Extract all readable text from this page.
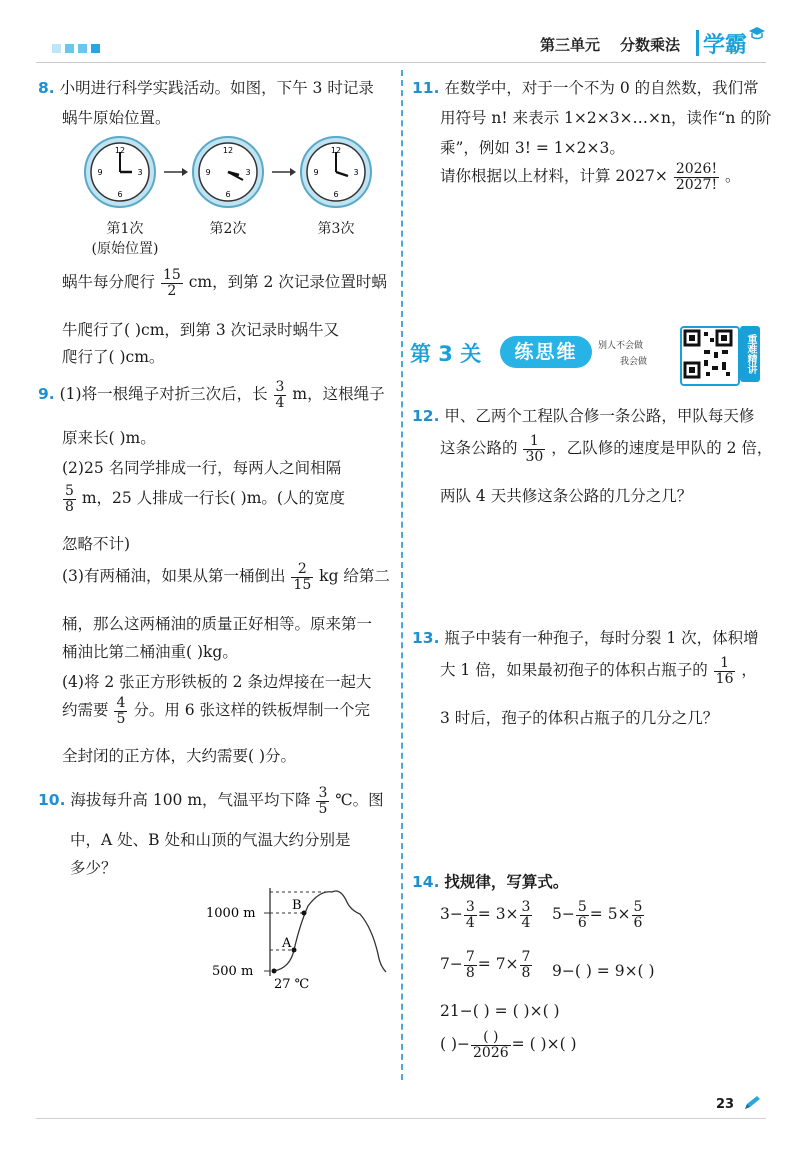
第三单元 分数乘法 学霸
8. 小明进行科学实践活动。如图，下午 3 时记录
蜗牛原始位置。
12
3
6
9
12
3
6
9
12
3
6
9
第1次
(原始位置)
第2次	第3次
蜗牛每分爬行 $\frac{15}{2}$ cm，到第 2 次记录位置时蜗
牛爬行了( )cm，到第 3 次记录时蜗牛又
爬行了( )cm。
9. (1)将一根绳子对折三次后，长 $\frac{3}{4}$ m，这根绳子
原来长( )m。
(2)25 名同学排成一行，每两人之间相隔
$\frac{5}{8}$ m，25 人排成一行长( )m。(人的宽度
忽略不计)
(3)有两桶油，如果从第一桶倒出 $\frac{2}{15}$ kg 给第二
桶，那么这两桶油的质量正好相等。原来第一
桶油比第二桶油重( )kg。
(4)将 2 张正方形铁板的 2 条边焊接在一起大
约需要 $\frac{4}{5}$ 分。用 6 张这样的铁板焊制一个完
全封闭的正方体，大约需要( )分。
10. 海拔每升高 100 m，气温平均下降 $\frac{3}{5}$ ℃。图
中，A 处、B 处和山顶的气温大约分别是
多少？
1000 m
500 m
A
B
27 ℃
11. 在数学中，对于一个不为 0 的自然数，我们常
用符号 n! 来表示 1×2×3×…×n，读作“n 的阶
乘”，例如 3! = 1×2×3。
请你根据以上材料，计算 $2027\times \frac{2026!}{2027!}$ 。
第 3 关	练思维	别人不会做
我会做	重难精讲
12. 甲、乙两个工程队合修一条公路，甲队每天修
这条公路的 $\frac{1}{30}$ ，乙队修的速度是甲队的 2 倍，
两队 4 天共修这条公路的几分之几？
13. 瓶子中装有一种孢子，每时分裂 1 次，体积增
大 1 倍，如果最初孢子的体积占瓶子的 $\frac{1}{16}$ ，
3 时后，孢子的体积占瓶子的几分之几？
14. 找规律，写算式。
$3- \frac{3}{4} = 3\times \frac{3}{4} 5- \frac{5}{6} = 5\times \frac{5}{6}$
$7- \frac{7}{8} = 7\times \frac{7}{8} 9-$( ) = 9×( )
21−( ) = ( )×( )
( )− $\frac{( )}{2026}$ = ( )×( )
23
